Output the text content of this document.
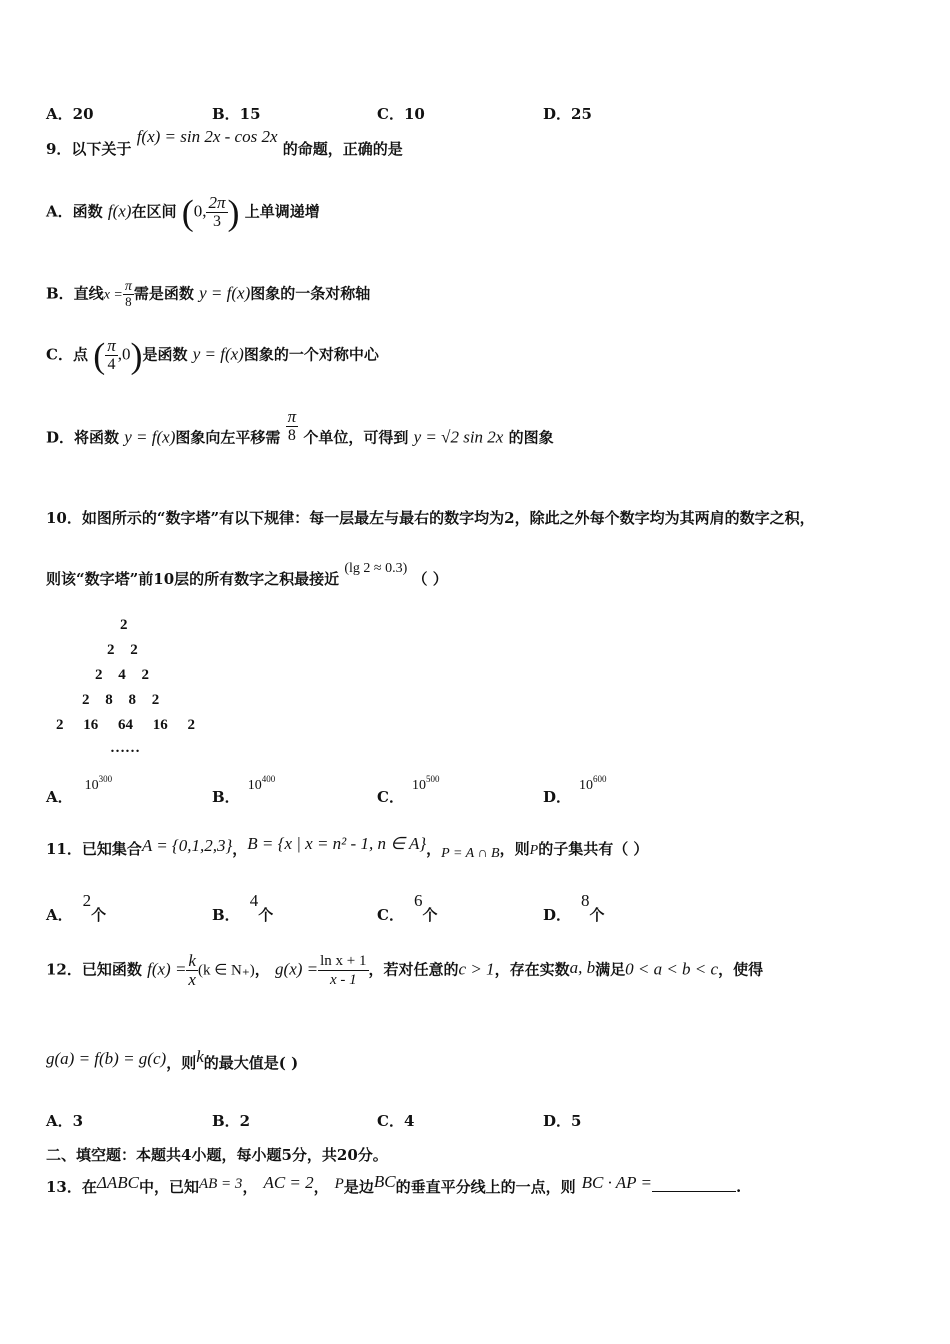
A．20	B．15	C．10	D．25
9．以下关于 f(x) = sin 2x - cos 2x 的命题，正确的是
A．函数 f(x)在区间 (0, $\frac{2\pi}{3}$ ) 上单调递增
B．直线$x = \frac{\pi}{8}$ 需是函数 y = f(x)图象的一条对称轴
C．点 ( $\frac{\pi}{4} ,0$)是函数 y = f(x)图象的一个对称中心
D．将函数 y = f(x)图象向左平移需 $\frac{\pi}{8}$ 个单位，可得到 y = √2 sin 2x 的图象
10．如图所示的“数字塔”有以下规律：每一层最左与最右的数字均为2，除此之外每个数字均为其两肩的数字之积，
则该“数字塔”前10层的所有数字之积最接近 (lg 2 ≈ 0.3) （ ）
2
2 2
2 4 2
2 8 8 2
2 16 64 16 2
……
A．$10^{300}$
B．$10^{400}$
C．$10^{500}$
D．$10^{600}$
11．已知集合A = {0,1,2,3}，B = {x | x = n² - 1, n ∈ A}，P = A ∩ B，则P的子集共有（ ）
A．2个	B．4个	C．6个	D．8个
12．已知函数 $f(x) = \frac{k}{x} (k$ ∈ N₊)， $g(x) = \frac{\text{ln x + 1}}{x - 1}$ ，若对任意的c > 1，存在实数a, b满足0 < a < b < c，使得
g(a) = f(b) = g(c)，则k的最大值是( )
A．3	B．2	C．4	D．5
二、填空题：本题共4小题，每小题5分，共20分。
13．在ΔABC中，已知AB = 3， AC = 2， P是边BC的垂直平分线上的一点，则 BC · AP =	.
